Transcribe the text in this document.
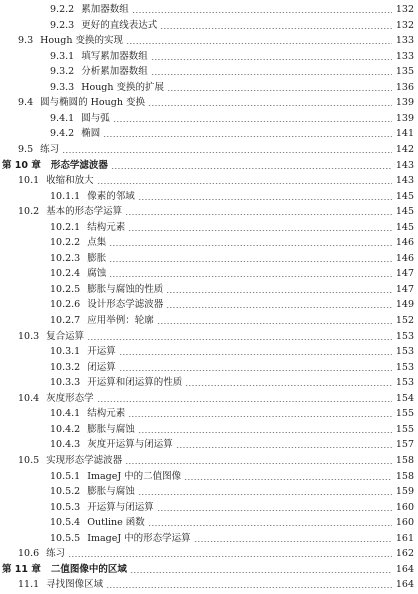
9.2.2 累加器数组	132
9.2.3 更好的直线表达式	132
9.3 Hough 变换的实现	133
9.3.1 填写累加器数组	133
9.3.2 分析累加器数组	135
9.3.3 Hough 变换的扩展	136
9.4 圆与椭圆的 Hough 变换	139
9.4.1 圆与弧	139
9.4.2 椭圆	141
9.5 练习	142
第 10 章 形态学滤波器	143
10.1 收缩和放大	143
10.1.1 像素的邻域	145
10.2 基本的形态学运算	145
10.2.1 结构元素	145
10.2.2 点集	146
10.2.3 膨胀	146
10.2.4 腐蚀	147
10.2.5 膨胀与腐蚀的性质	147
10.2.6 设计形态学滤波器	149
10.2.7 应用举例：轮廓	152
10.3 复合运算	153
10.3.1 开运算	153
10.3.2 闭运算	153
10.3.3 开运算和闭运算的性质	153
10.4 灰度形态学	154
10.4.1 结构元素	155
10.4.2 膨胀与腐蚀	155
10.4.3 灰度开运算与闭运算	157
10.5 实现形态学滤波器	158
10.5.1 ImageJ 中的二值图像	158
10.5.2 膨胀与腐蚀	159
10.5.3 开运算与闭运算	160
10.5.4 Outline 函数	160
10.5.5 ImageJ 中的形态学运算	161
10.6 练习	162
第 11 章 二值图像中的区域	164
11.1 寻找图像区域	164
